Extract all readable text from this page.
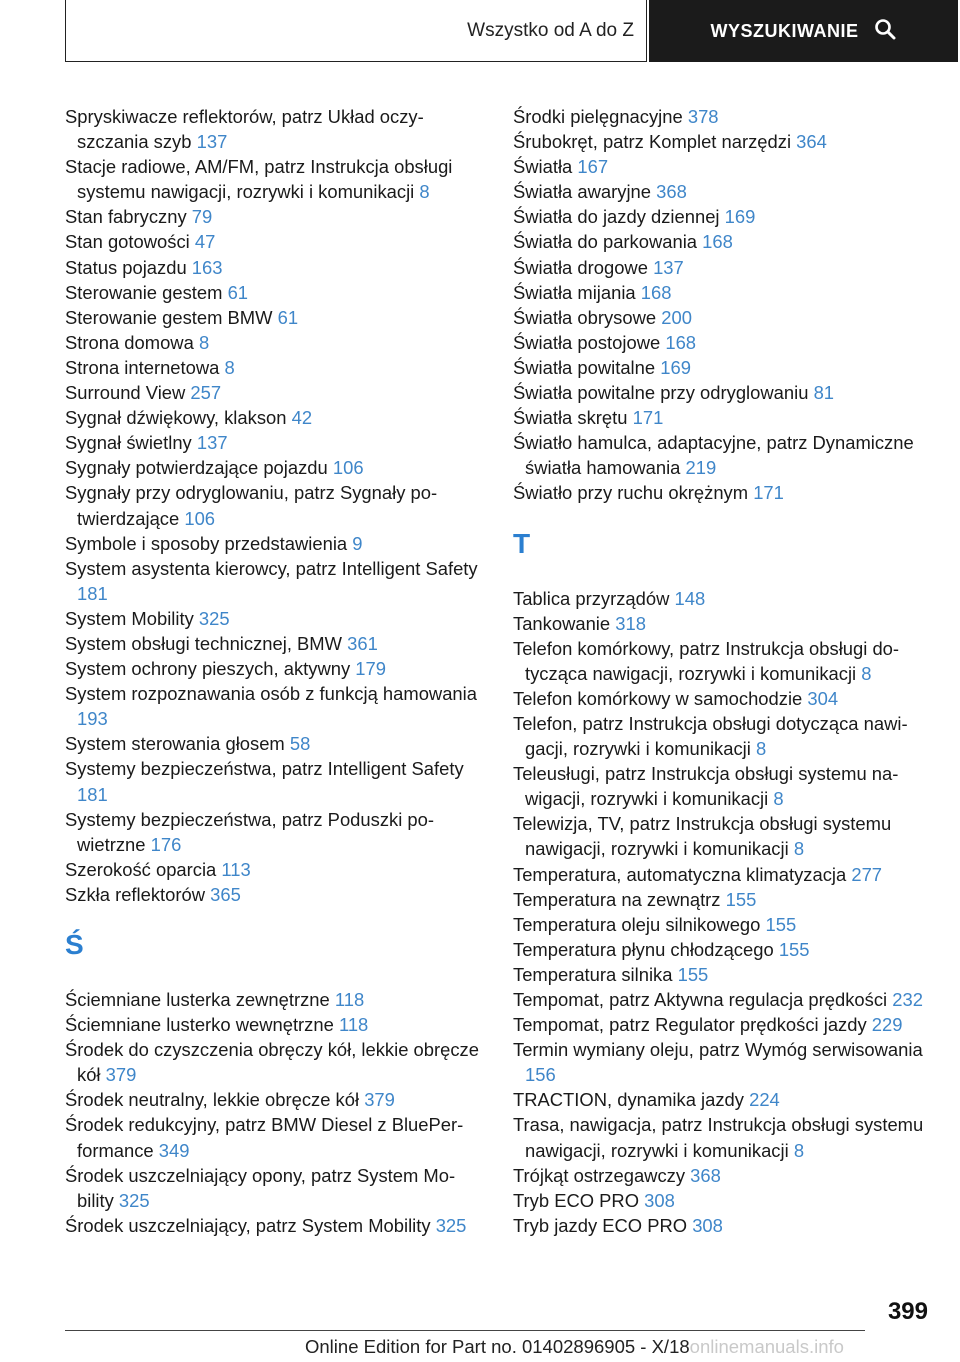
Wszystko od A do Z	WYSZUKIWANIE
Spryskiwacze reflektorów, patrz Układ oczyszczania szyb 137
Stacje radiowe, AM/FM, patrz Instrukcja obsługi systemu nawigacji, rozrywki i komunikacji 8
Stan fabryczny 79
Stan gotowości 47
Status pojazdu 163
Sterowanie gestem 61
Sterowanie gestem BMW 61
Strona domowa 8
Strona internetowa 8
Surround View 257
Sygnał dźwiękowy, klakson 42
Sygnał świetlny 137
Sygnały potwierdzające pojazdu 106
Sygnały przy odryglowaniu, patrz Sygnały potwierdzające 106
Symbole i sposoby przedstawienia 9
System asystenta kierowcy, patrz Intelligent Safety 181
System Mobility 325
System obsługi technicznej, BMW 361
System ochrony pieszych, aktywny 179
System rozpoznawania osób z funkcją hamowania 193
System sterowania głosem 58
Systemy bezpieczeństwa, patrz Intelligent Safety 181
Systemy bezpieczeństwa, patrz Poduszki powietrzne 176
Szerokość oparcia 113
Szkła reflektorów 365
Ś
Ściemniane lusterka zewnętrzne 118
Ściemniane lusterko wewnętrzne 118
Środek do czyszczenia obręczy kół, lekkie obręcze kół 379
Środek neutralny, lekkie obręcze kół 379
Środek redukcyjny, patrz BMW Diesel z BluePerformance 349
Środek uszczelniający opony, patrz System Mobility 325
Środek uszczelniający, patrz System Mobility 325
Środki pielęgnacyjne 378
Śrubokręt, patrz Komplet narzędzi 364
Światła 167
Światła awaryjne 368
Światła do jazdy dziennej 169
Światła do parkowania 168
Światła drogowe 137
Światła mijania 168
Światła obrysowe 200
Światła postojowe 168
Światła powitalne 169
Światła powitalne przy odryglowaniu 81
Światła skrętu 171
Światło hamulca, adaptacyjne, patrz Dynamiczne światła hamowania 219
Światło przy ruchu okrężnym 171
T
Tablica przyrządów 148
Tankowanie 318
Telefon komórkowy, patrz Instrukcja obsługi dotycząca nawigacji, rozrywki i komunikacji 8
Telefon komórkowy w samochodzie 304
Telefon, patrz Instrukcja obsługi dotycząca nawigacji, rozrywki i komunikacji 8
Teleusługi, patrz Instrukcja obsługi systemu nawigacji, rozrywki i komunikacji 8
Telewizja, TV, patrz Instrukcja obsługi systemu nawigacji, rozrywki i komunikacji 8
Temperatura, automatyczna klimatyzacja 277
Temperatura na zewnątrz 155
Temperatura oleju silnikowego 155
Temperatura płynu chłodzącego 155
Temperatura silnika 155
Tempomat, patrz Aktywna regulacja prędkości 232
Tempomat, patrz Regulator prędkości jazdy 229
Termin wymiany oleju, patrz Wymóg serwisowania 156
TRACTION, dynamika jazdy 224
Trasa, nawigacja, patrz Instrukcja obsługi systemu nawigacji, rozrywki i komunikacji 8
Trójkąt ostrzegawczy 368
Tryb ECO PRO 308
Tryb jazdy ECO PRO 308
399
Online Edition for Part no. 01402896905 - X/18onlinemanuals.info
